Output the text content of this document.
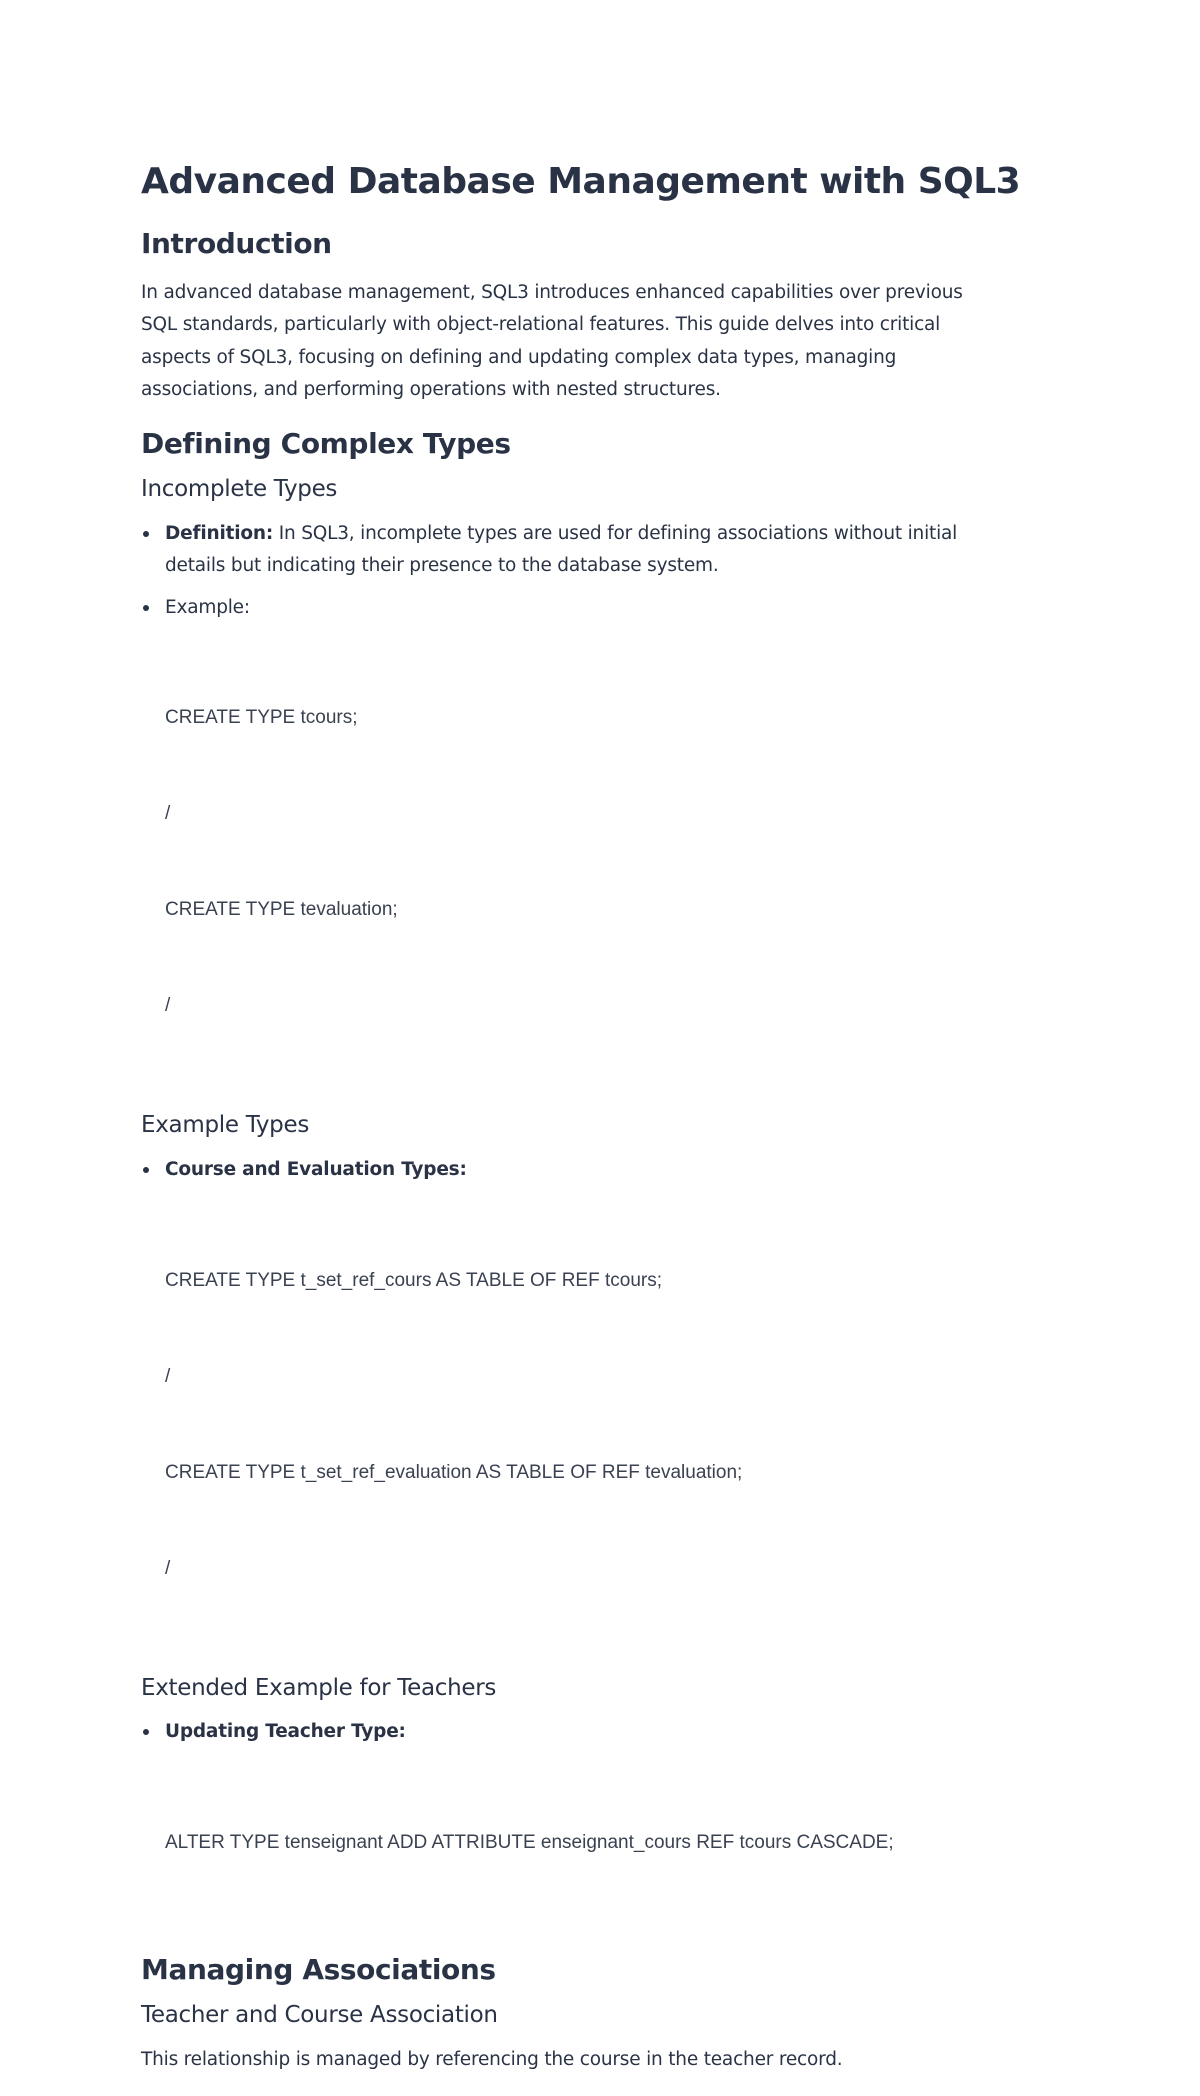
Advanced Database Management with SQL3
Introduction

In advanced database management, SQL3 introduces enhanced capabilities over previous
SQL standards, particularly with object-relational features. This guide delves into critical
aspects of SQL3, focusing on defining and updating complex data types, managing
associations, and performing operations with nested structures.

Defining Complex Types
Incomplete Types
Definition: In SQL3, incomplete types are used for defining associations without initial
details but indicating their presence to the database system.
Example:

CREATE TYPE tcours;

/

CREATE TYPE tevaluation;

/

Example Types
Course and Evaluation Types:

CREATE TYPE t_set_ref_cours AS TABLE OF REF tcours;

/

CREATE TYPE t_set_ref_evaluation AS TABLE OF REF tevaluation;

/

Extended Example for Teachers
Updating Teacher Type:

ALTER TYPE tenseignant ADD ATTRIBUTE enseignant_cours REF tcours CASCADE;

Managing Associations
Teacher and Course Association

This relationship is managed by referencing the course in the teacher record.
